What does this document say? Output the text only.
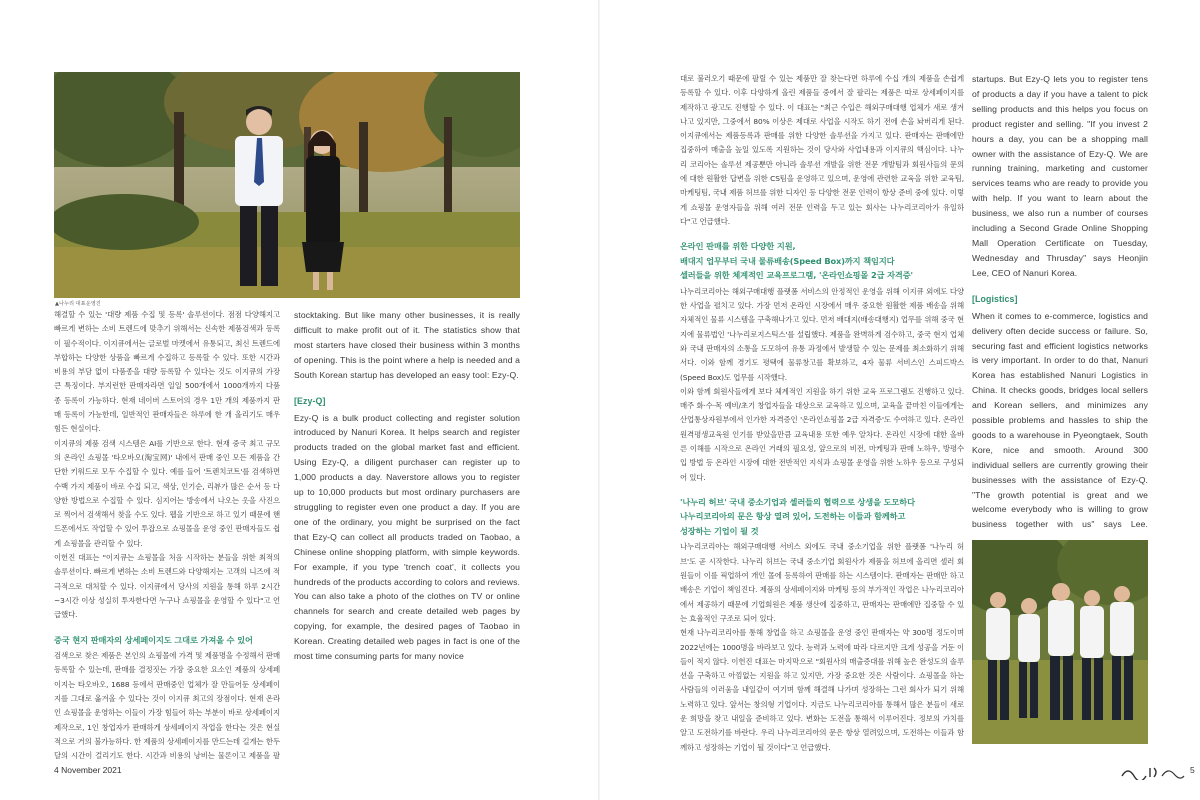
▲나누리 대표운영진

해결할 수 있는 '대량 제품 수집 및 등록' 솔루션이다. 점점 다양해지고 빠르게 변하는 소비 트렌드에 맞추기 위해서는 신속한 제품검색과 등록이 필수적이다. 이지큐에서는 글로벌 마켓에서 유통되고, 최신 트렌드에 부합하는 다양한 상품을 빠르게 수집하고 등록할 수 있다. 또한 시간과 비용의 부담 없이 다품종을 대량 등록할 수 있다는 것도 이지큐의 가장 큰 특징이다. 부지런한 판매자라면 일일 500개에서 1000개까지 다품종 등록이 가능하다. 현재 네이버 스토어의 경우 1만 개의 제품까지 판매 등록이 가능한데, 일반적인 판매자들은 하루에 한 개 올리기도 매우 힘든 현실이다.

이지큐의 제품 검색 시스템은 AI를 기반으로 한다. 현재 중국 최고 규모의 온라인 쇼핑몰 '타오바오(淘宝网)' 내에서 판매 중인 모든 제품을 간단한 키워드로 모두 수집할 수 있다. 예를 들어 '트렌치코트'를 검색하면 수백 가지 제품이 바로 수집 되고, 색상, 인기순, 리뷰가 많은 순서 등 다양한 방법으로 수집할 수 있다. 심지어는 방송에서 나오는 옷을 사진으로 찍어서 검색해서 찾을 수도 있다. 웹을 기반으로 하고 있기 때문에 핸드폰에서도 작업할 수 있어 투잡으로 쇼핑몰을 운영 중인 판매자들도 쉽게 쇼핑몰을 관리할 수 있다.

이헌진 대표는 "이지큐는 쇼핑몰을 처음 시작하는 분들을 위한 최적의 솔루션이다. 빠르게 변하는 소비 트렌드와 다양해지는 고객의 니즈에 적극적으로 대처할 수 있다. 이지큐에서 당사의 지원을 통해 하루 2시간~3시간 이상 성실히 투자한다면 누구나 쇼핑몰을 운영할 수 있다"고 언급했다.

중국 현지 판매자의 상세페이지도 그대로 가져올 수 있어

검색으로 찾은 제품은 본인의 쇼핑몰에 가격 및 제품명을 수정해서 판매 등록할 수 있는데, 판매를 결정짓는 가장 중요한 요소인 제품의 상세페이지는 타오바오, 1688 등에서 판매중인 업체가 잘 만들어둔 상세페이지를 그대로 옮겨올 수 있다는 것이 이지큐 최고의 장점이다. 현재 온라인 쇼핑몰을 운영하는 이들이 가장 힘들어 하는 부분이 바로 상세페이지 제작으로, 1인 창업자가 판매하게 상세페이지 작업을 한다는 것은 현실적으로 거의 불가능하다. 한 제품의 상세페이지를 만드는데 길게는 한두 달의 시간이 걸리기도 한다. 시간과 비용의 낭비는 물론이고 제품을 팔

stocktaking. But like many other businesses, it is really difficult to make profit out of it. The statistics show that most starters have closed their business within 3 months of opening. This is the point where a help is needed and a South Korean startup has developed an easy tool: Ezy-Q.

[Ezy-Q]

Ezy-Q is a bulk product collecting and register solution introduced by Nanuri Korea. It helps search and register products traded on the global market fast and efficient. Using Ezy-Q, a diligent purchaser can register up to 1,000 products a day. Naverstore allows you to register up to 10,000 products but most ordinary purchasers are struggling to register even one product a day. If you are one of the ordinary, you might be surprised on the fact that Ezy-Q can collect all products traded on Taobao, a Chinese online shopping platform, with simple keywords. For example, if you type 'trench coat', it collects you hundreds of the products according to colors and reviews. You can also take a photo of the clothes on TV or online channels for search and create detailed web pages by copying, for example, the desired pages of Taobao in Korean. Creating detailed web pages in fact is one of the most time consuming parts for many novice

4 November 2021

대로 불러오기 때문에 팔릴 수 있는 제품만 잘 찾는다면 하루에 수십 개의 제품을 손쉽게 등록할 수 있다. 이후 다양하게 올린 제품들 중에서 잘 팔리는 제품은 따로 상세페이지를 제작하고 광고도 진행할 수 있다. 이 대표는 "최근 수입은 해외구매대행 업체가 새로 생겨나고 있지만, 그중에서 80% 이상은 제대로 사업을 시작도 하기 전에 손을 놔버리게 된다. 이지큐에서는 제품등록과 판매를 위한 다양한 솔루션을 가지고 있다. 판매자는 판매에만 집중하여 매출을 높일 있도록 지원하는 것이 당사와 사업내용과 이지큐의 핵심이다. 나누리 코리아는 솔루션 제공뿐만 아니라 솔루션 개발을 위한 전문 개발팀과 회원사들의 문의에 대한 원활한 답변을 위한 CS팀을 운영하고 있으며, 운영에 관련한 교육을 위한 교육팀, 마케팅팀, 국내 제품 허브를 위한 디자인 등 다양한 전문 인력이 항상 준비 중에 있다. 이렇게 쇼핑몰 운영자들을 위해 여러 전문 인력을 두고 있는 회사는 나누리코리아가 유일하다"고 언급했다.

온라인 판매를 위한 다양한 지원,
배대지 업무부터 국내 물류배송(Speed Box)까지 책임지다
셀러들을 위한 체계적인 교육프로그램, '온라인쇼핑몰 2급 자격증'

나누리코리아는 해외구매대행 플랫폼 서비스의 안정적인 운영을 위해 이지큐 외에도 다양한 사업을 펼치고 있다. 가장 먼저 온라인 시장에서 매우 중요한 원활한 제품 배송을 위해 자체적인 물류 시스템을 구축해나가고 있다. 먼저 배대지(배송대행지) 업무를 위해 중국 현지에 물류법인 '나누리로지스틱스'를 설립했다. 제품을 완벽하게 검수하고, 중국 현지 업체와 국내 판매자의 소통을 도모하여 유통 과정에서 발생할 수 있는 문제를 최소화하기 위해서다. 이와 함께 경기도 평택에 물류창고를 확보하고, 4자 물류 서비스인 스피드박스(Speed Box)도 업무를 시작했다.
이와 함께 회원사들에게 보다 체계적인 지원을 하기 위한 교육 프로그램도 진행하고 있다. 매주 화·수·목 예비/초기 창업자들을 대상으로 교육하고 있으며, 교육을 끝마친 이들에게는 산업통상자원부에서 인가한 자격증인 '온라인쇼핑몰 2급 자격증'도 수여하고 있다. 온라인 원격평생교육원 인기를 받았을만큼 교육내용 또한 예우 알차다. 온라인 시장에 대한 올바른 이해를 시작으로 온라인 거래의 필요성, 앞으로의 비전, 마케팅과 판매 노하우, 방평수입 방법 등 온라인 시장에 대한 전반적인 지식과 쇼핑몰 운영을 위한 노하우 등으로 구성되어 있다.

'나누리 허브' 국내 중소기업과 셀러들의 협력으로 상생을 도모하다
나누리코리아의 문은 항상 열려 있어, 도전하는 이들과 함께하고
성장하는 기업이 될 것

나누리코리아는 해외구매대행 서비스 외에도 국내 중소기업을 위한 플랫폼 '나누리 허브'도 곧 시작한다. 나누리 허브는 국내 중소기업 회원사가 제품을 허브에 올리면 셀러 회원들이 이를 픽업하여 개인 몰에 등록하여 판매를 하는 시스템이다. 판매자는 판매만 하고 배송은 기업이 책임진다. 제품의 상세페이지와 마케팅 등의 부가적인 작업은 나누리코리아에서 제공하기 때문에 기업회원은 제품 생산에 집중하고, 판매자는 판매에만 집중할 수 있는 효율적인 구조로 되어 있다.
현재 나누리코리아를 통해 창업을 하고 쇼핑몰을 운영 중인 판매자는 약 300명 정도이며 2022년에는 1000명을 바라보고 있다. 능력과 노력에 따라 다르지만 크게 성공을 거둔 이들이 적지 않다. 이헌진 대표는 마지막으로 "회원사의 매출증대를 위해 높은 완성도의 솔루션을 구축하고 아낌없는 지원을 하고 있지만, 가장 중요한 것은 사람이다. 쇼핑몰을 하는 사람들의 이러움을 내일같이 여기며 함께 해결해 나가며 성장하는 그런 회사가 되기 위해 노력하고 있다. 앞서는 창의형 기업이다. 지금도 나누리코리아를 통해서 많은 분들이 새로운 희망을 찾고 내일을 준비하고 있다. 변화는 도전을 통해서 이루어진다. 정보의 가치를 알고 도전하기를 바란다. 우리 나누리코리아의 문은 항상 열려있으며, 도전하는 이들과 함께하고 성장하는 기업이 될 것이다"고 언급했다.

startups. But Ezy-Q lets you to register tens of products a day if you have a talent to pick selling products and this helps you focus on product register and selling. "If you invest 2 hours a day, you can be a shopping mall owner with the assistance of Ezy-Q. We are running training, marketing and customer services teams who are ready to provide you with help. If you want to learn about the business, we also run a number of courses including a Second Grade Online Shopping Mall Operation Certificate on Tuesday, Wednesday and Thrusday" says Heonjin Lee, CEO of Nanuri Korea.

[Logistics]

When it comes to e-commerce, logistics and delivery often decide success or failure. So, securing fast and efficient logistics networks is very important. In order to do that, Nanuri Korea has established Nanuri Logistics in China. It checks goods, bridges local sellers and Korean sellers, and minimizes any possible problems and hassles to ship the goods to a warehouse in Pyeongtaek, South Kore, nice and smooth. Around 300 individual sellers are currently growing their businesses with the assistance of Ezy-Q. "The growth potential is great and we welcome everybody who is willing to grow business together with us" says Lee.

5
